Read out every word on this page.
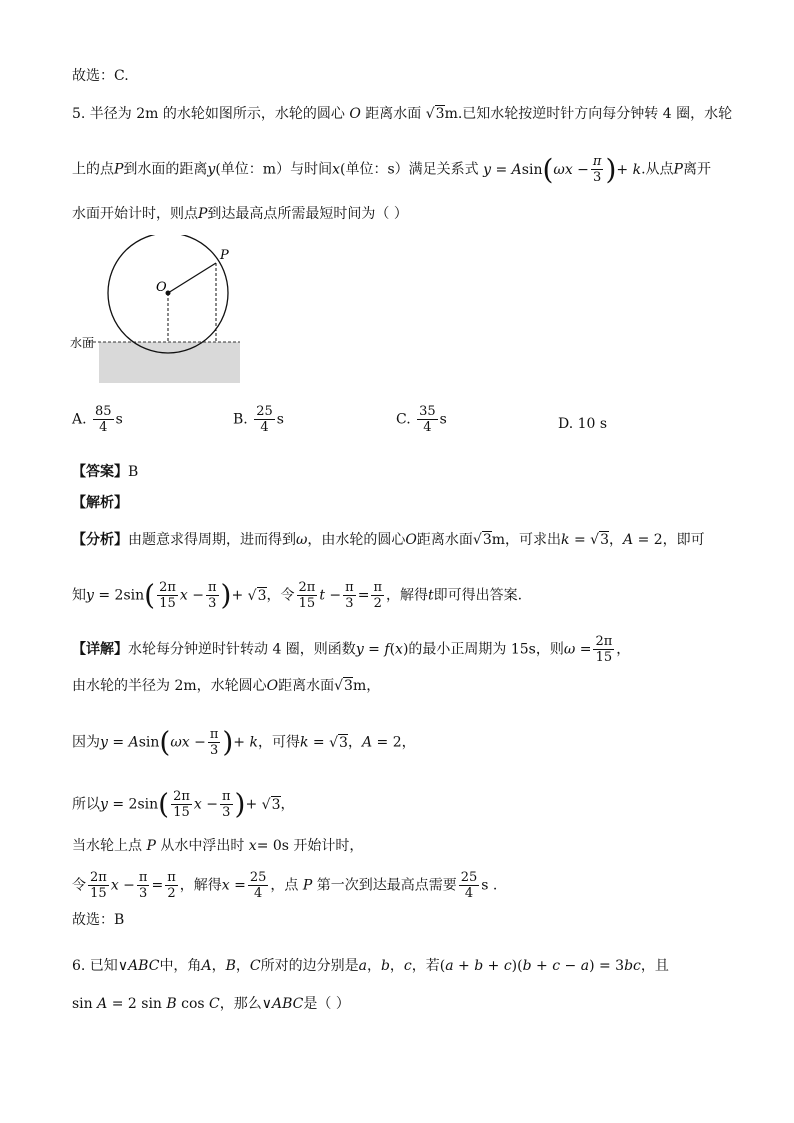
故选：C.
5. 半径为 2m 的水轮如图所示，水轮的圆心 O 距离水面 √3m.已知水轮按逆时针方向每分钟转 4 圈，水轮
上的点P到水面的距离y(单位：m）与时间x(单位：s）满足关系式 $y = Asin(\omega x - \frac{\pi}{3}$ )+ k.从点P离开
水面开始计时，则点P到达最高点所需最短时间为（ ）
O
P
水面
A. $\frac{85}{4}$ s	B. $\frac{25}{4}$ s	C. $\frac{35}{4}$ s	D. 10 s
【答案】B
【解析】
【分析】由题意求得周期，进而得到ω，由水轮的圆心O距离水面√3m，可求出k = √3，A = 2，即可
知$y = 2\sin( \frac{2\pi}{15}$ $x - \frac{\pi}{3}$ )+ √3，令 $\frac{2\pi}{15}$ $t - \frac{\pi}{3} = \frac{\pi}{2}$ ，解得t即可得出答案.
【详解】水轮每分钟逆时针转动 4 圈，则函数y = f(x)的最小正周期为 15s，则$\omega = \frac{2\pi}{15}$ ，
由水轮的半径为 2m，水轮圆心O距离水面√3m，
因为$y = Asin(\omega x - \frac{\pi}{3}$ )+ k，可得k = √3，A = 2，
所以$y = 2\sin( \frac{2\pi}{15}$ $x - \frac{\pi}{3}$ )+ √3，
当水轮上点 P 从水中浮出时 x= 0s 开始计时，
令 $\frac{2\pi}{15}$ $x - \frac{\pi}{3} = \frac{\pi}{2}$ ，解得$x = \frac{25}{4}$ ，点 P 第一次到达最高点需要 $\frac{25}{4}$ s .
故选：B
6. 已知∨ABC中，角A，B，C所对的边分别是a，b，c，若(a + b + c)(b + c − a) = 3bc，且
sin A = 2 sin B cos C，那么∨ABC是（ ）
